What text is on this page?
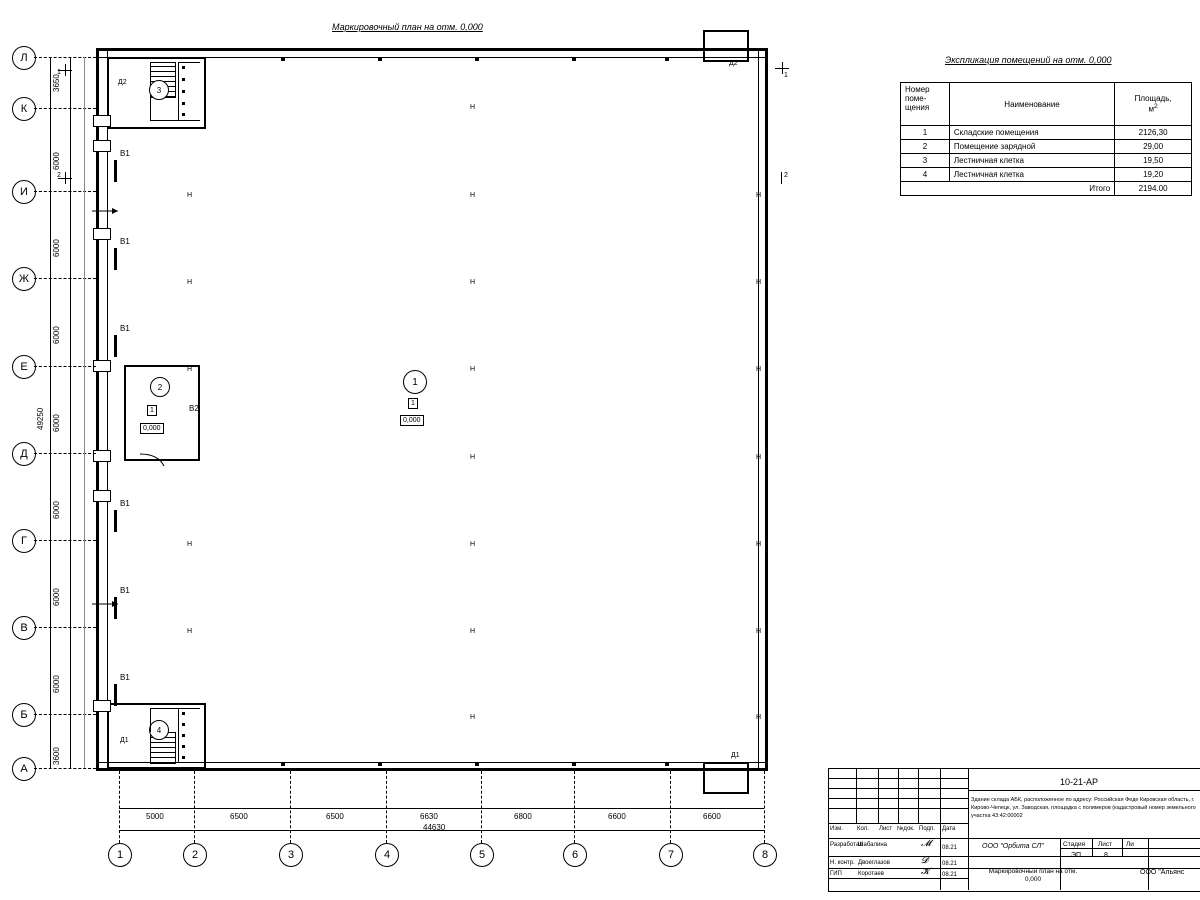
Маркировочный план на отм. 0,000
Экспликация помещений на отм. 0,000
Номер
поме-
щения	Наименование	Площадь,
$м^2$
1	Складские помещения	2126,30
2	Помещение зарядной	29,00
3	Лестничная клетка	19,50
4	Лестничная клетка	19,20
	Итого	2194.00
Д2
Д1
3
Д2
4
Д1
2
1
0,000
В2
1
1
0,000
В1
В1
В1
В1
В1
В1
Н
Н	Н	Н
Н	Н	Н
Н	Н	Н
Н	Н
Н	Н	Н
Н	Н	Н
Н	Н
1
2
1
2
Л
К
И
Ж
Е
Д
Г
В
Б
А
3650
6000
6000
6000
6000
6000
6000
6000
3600
49250
1	2	3	4	5	6	7	8
5000	6500	6500	6630	6800	6600	6600
44630
10-21-АР
Изм. Кол. Лист №док. Подп. Дата
Разработал
Шабалина	08.21
Н. контр. Двоеглазов	08.21
ГИП	Коротаев	08.21
𝓜
𝓓
𝓚
Здание склада АБК, расположенное по адресу: Российская Феде Кировская область, г. Кирово-Чепецк, ул. Заводская, площадка с полимеров (кадастровый номер земельного участка 43:42:00002
Стадия Лист Ли
ЭП	8
ООО "Орбита СЛ"
Маркировочный план на отм. 0,000
ООО "Альянс
